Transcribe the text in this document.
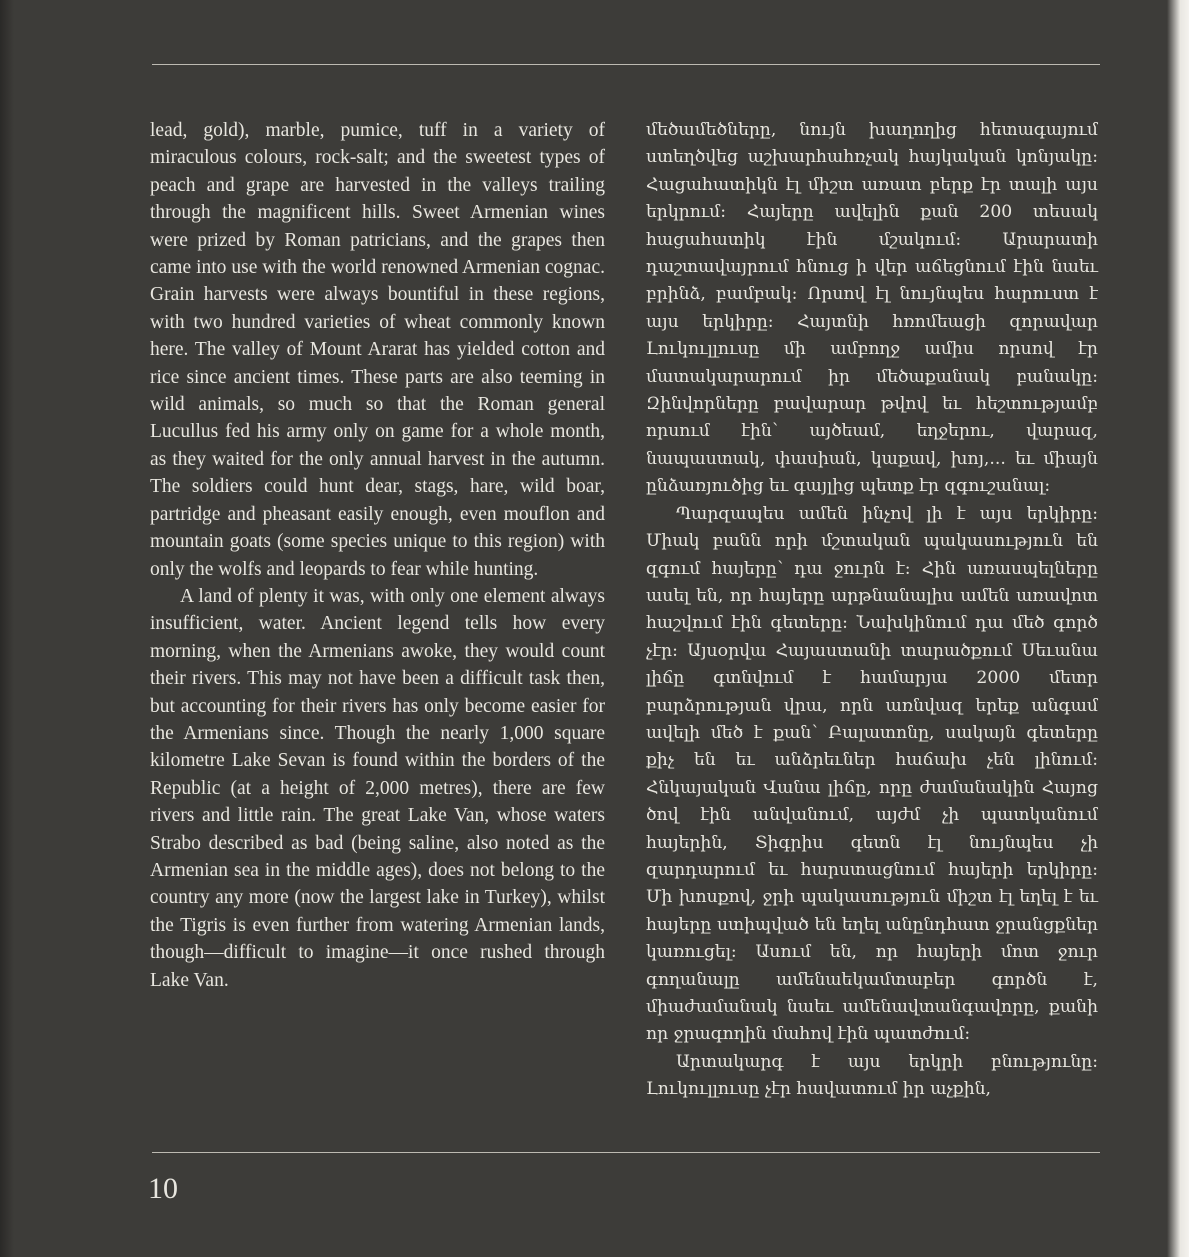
lead, gold), marble, pumice, tuff in a variety of miraculous colours, rock-salt; and the sweetest types of peach and grape are harvested in the valleys trailing through the magnificent hills. Sweet Armenian wines were prized by Roman patricians, and the grapes then came into use with the world renowned Armenian cognac. Grain harvests were always bountiful in these regions, with two hundred varieties of wheat commonly known here. The valley of Mount Ararat has yielded cotton and rice since ancient times. These parts are also teeming in wild animals, so much so that the Roman general Lucullus fed his army only on game for a whole month, as they waited for the only annual harvest in the autumn. The soldiers could hunt dear, stags, hare, wild boar, partridge and pheasant easily enough, even mouflon and mountain goats (some species unique to this region) with only the wolfs and leopards to fear while hunting.

A land of plenty it was, with only one element always insufficient, water. Ancient legend tells how every morning, when the Armenians awoke, they would count their rivers. This may not have been a difficult task then, but accounting for their rivers has only become easier for the Armenians since. Though the nearly 1,000 square kilometre Lake Sevan is found within the borders of the Republic (at a height of 2,000 metres), there are few rivers and little rain. The great Lake Van, whose waters Strabo described as bad (being saline, also noted as the Armenian sea in the middle ages), does not belong to the country any more (now the largest lake in Turkey), whilst the Tigris is even further from watering Armenian lands, though—difficult to imagine—it once rushed through Lake Van.

մեծամեծները, նույն խաղողից հետագայում ստեղծվեց աշխարհահռչակ հայկական կոնյակը: Հացահատիկն էլ միշտ առատ բերք էր տալի այս երկրում: Հայերը ավելին քան 200 տեսակ հացահատիկ էին մշակում: Արարատի դաշտավայրում հնուց ի վեր աճեցնում էին նաեւ բրինձ, բամբակ: Որսով էլ նույնպես հարուստ է այս երկիրը: Հայտնի հռոմեացի զորավար Լուկուլլուսը մի ամբողջ ամիս որսով էր մատակարարում իր մեծաքանակ բանակը: Զինվորները բավարար թվով եւ հեշտությամբ որսում էին՝ այծեամ, եղջերու, վարազ, նապաստակ, փասիան, կաքավ, խոյ,... եւ միայն ընձառյուծից եւ գայլից պետք էր զգուշանալ:

Պարզապես ամեն ինչով լի է այս երկիրը: Միակ բանն որի մշտական պակասություն են զգում հայերը՝ դա ջուրն է: Հին առասպելները ասել են, որ հայերը արթնանալիս ամեն առավոտ հաշվում էին գետերը: Նախկինում դա մեծ գործ չէր: Այսօրվա Հայաստանի տարածքում Սեւանա լիճը գտնվում է համարյա 2000 մետր բարձրության վրա, որն առնվազ երեք անգամ ավելի մեծ է քան՝ Բալատոնը, սակայն գետերը քիչ են եւ անձրեւներ հաճախ չեն լինում: Հնկայական Վանա լիճը, որը ժամանակին Հայոց ծով էին անվանում, այժմ չի պատկանում հայերին, Տիգրիս գետն էլ նույնպես չի զարդարում եւ հարստացնում հայերի երկիրը: Մի խոսքով, ջրի պակասություն միշտ էլ եղել է եւ հայերը ստիպված են եղել անընդհատ ջրանցքներ կառուցել: Ասում են, որ հայերի մոտ ջուր գողանալը ամենաեկամտաբեր գործն է, միաժամանակ նաեւ ամենավտանգավորը, քանի որ ջրագողին մահով էին պատժում:

Արտակարգ է այս երկրի բնությունը: Լուկուլլուսը չէր հավատում իր աչքին,

10
